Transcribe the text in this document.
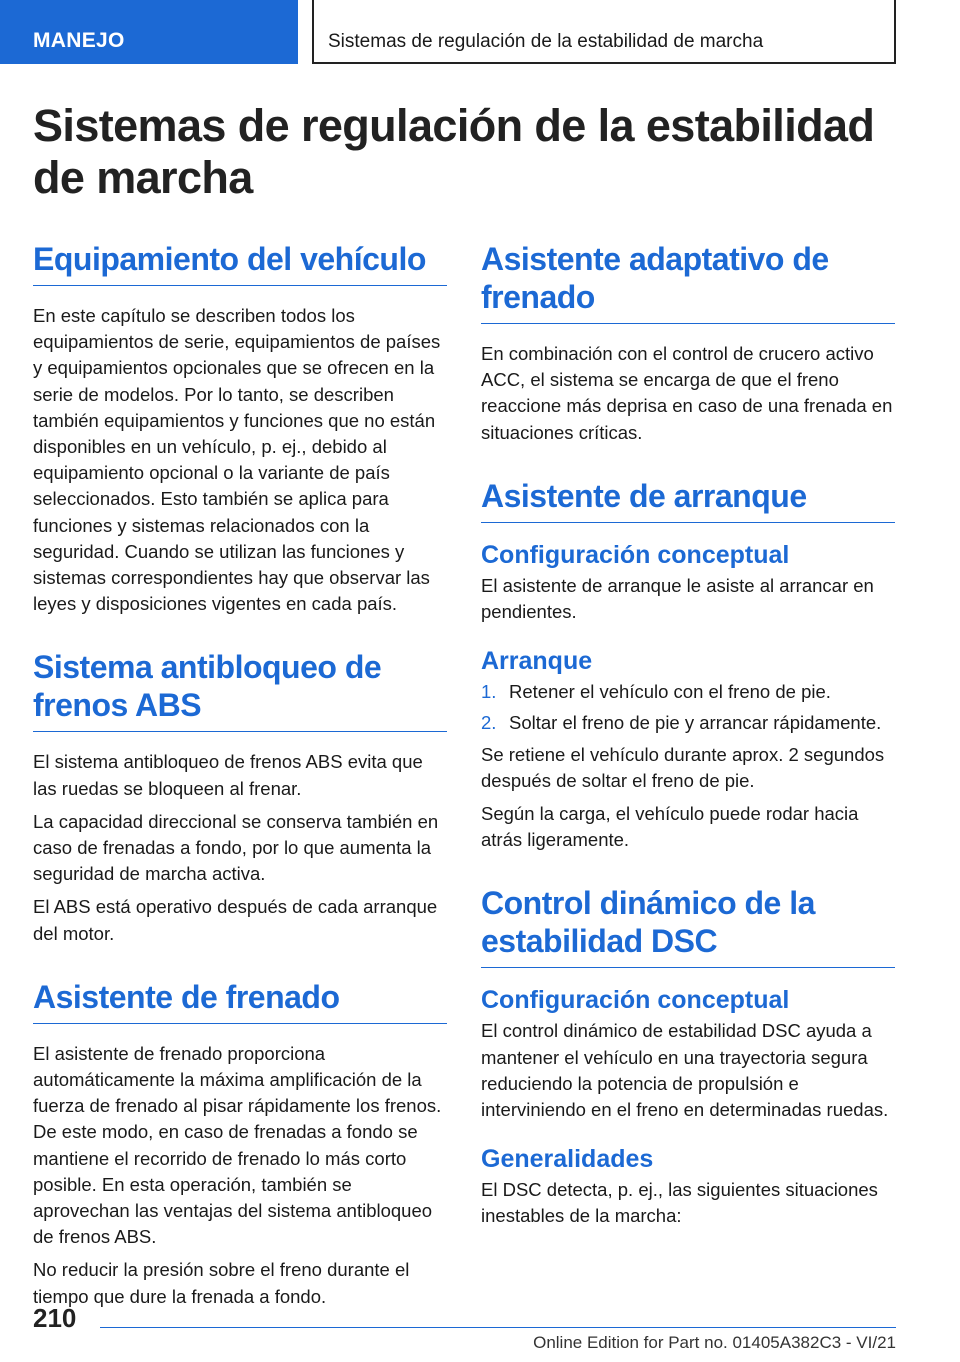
MANEJO	Sistemas de regulación de la estabilidad de marcha
Sistemas de regulación de la estabilidad de marcha
Equipamiento del vehículo

En este capítulo se describen todos los equipamientos de serie, equipamientos de países y equipamientos opcionales que se ofrecen en la serie de modelos. Por lo tanto, se describen también equipamientos y funciones que no están disponibles en un vehículo, p. ej., debido al equipamiento opcional o la variante de país seleccionados. Esto también se aplica para funciones y sistemas relacionados con la seguridad. Cuando se utilizan las funciones y sistemas correspondientes hay que observar las leyes y disposiciones vigentes en cada país.

Sistema antibloqueo de frenos ABS

El sistema antibloqueo de frenos ABS evita que las ruedas se bloqueen al frenar.

La capacidad direccional se conserva también en caso de frenadas a fondo, por lo que aumenta la seguridad de marcha activa.

El ABS está operativo después de cada arranque del motor.

Asistente de frenado

El asistente de frenado proporciona automáticamente la máxima amplificación de la fuerza de frenado al pisar rápidamente los frenos. De este modo, en caso de frenadas a fondo se mantiene el recorrido de frenado lo más corto posible. En esta operación, también se aprovechan las ventajas del sistema antibloqueo de frenos ABS.

No reducir la presión sobre el freno durante el tiempo que dure la frenada a fondo.

Asistente adaptativo de frenado

En combinación con el control de crucero activo ACC, el sistema se encarga de que el freno reaccione más deprisa en caso de una frenada en situaciones críticas.

Asistente de arranque
Configuración conceptual

El asistente de arranque le asiste al arrancar en pendientes.

Arranque
1. Retener el vehículo con el freno de pie.
2. Soltar el freno de pie y arrancar rápidamente.

Se retiene el vehículo durante aprox. 2 segundos después de soltar el freno de pie.

Según la carga, el vehículo puede rodar hacia atrás ligeramente.

Control dinámico de la estabilidad DSC
Configuración conceptual

El control dinámico de estabilidad DSC ayuda a mantener el vehículo en una trayectoria segura reduciendo la potencia de propulsión e interviniendo en el freno en determinadas ruedas.

Generalidades

El DSC detecta, p. ej., las siguientes situaciones inestables de la marcha:

210
Online Edition for Part no. 01405A382C3 - VI/21
